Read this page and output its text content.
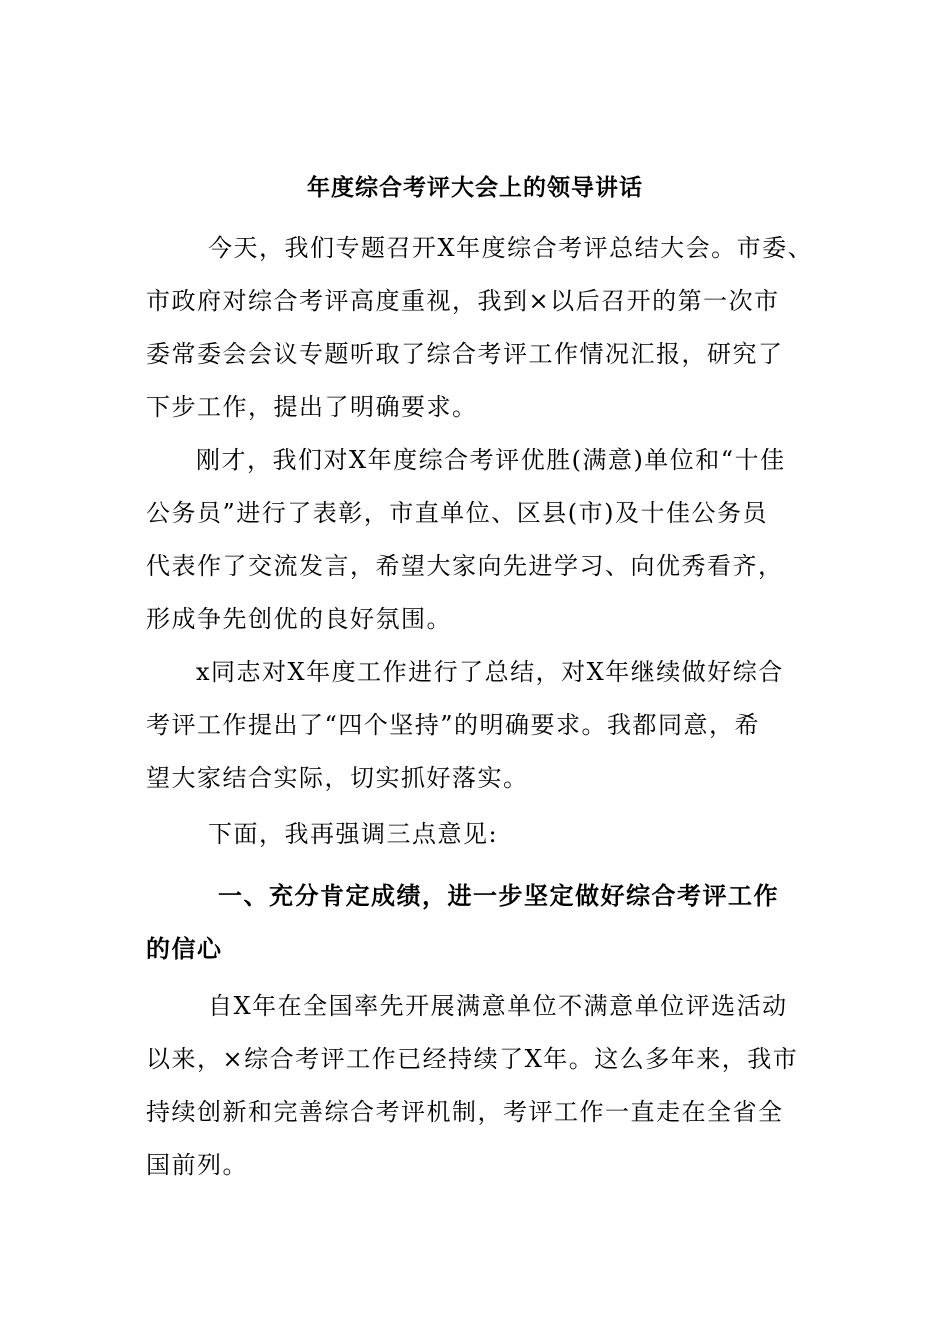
年度综合考评大会上的领导讲话
今天，我们专题召开X年度综合考评总结大会。市委、
市政府对综合考评高度重视，我到×以后召开的第一次市
委常委会会议专题听取了综合考评工作情况汇报，研究了
下步工作，提出了明确要求。
刚才，我们对X年度综合考评优胜(满意)单位和“十佳
公务员”进行了表彰，市直单位、区县(市)及十佳公务员
代表作了交流发言，希望大家向先进学习、向优秀看齐，
形成争先创优的良好氛围。
x同志对X年度工作进行了总结，对X年继续做好综合
考评工作提出了“四个坚持”的明确要求。我都同意，希
望大家结合实际，切实抓好落实。
下面，我再强调三点意见:
一、充分肯定成绩，进一步坚定做好综合考评工作
的信心
自X年在全国率先开展满意单位不满意单位评选活动
以来，×综合考评工作已经持续了X年。这么多年来，我市
持续创新和完善综合考评机制，考评工作一直走在全省全
国前列。
